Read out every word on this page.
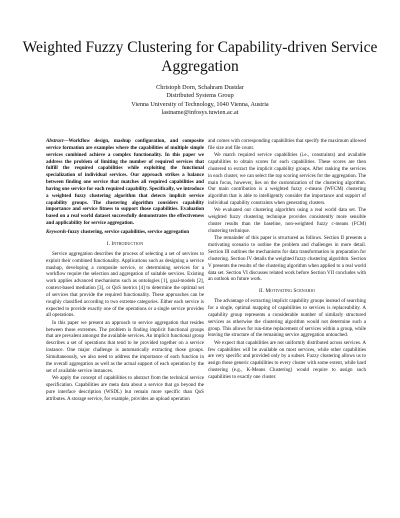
Weighted Fuzzy Clustering for Capability-driven Service Aggregation
Christoph Dorn, Schahram Dustdar
Distributed Systems Group
Vienna University of Technology, 1040 Vienna, Austria
lastname@infosys.tuwien.ac.at

Abstract—Workflow design, mashup configuration, and composite service formation are examples where the capabilities of multiple simple services combined achieve a complex functionality. In this paper we address the problem of limiting the number of required services that fulfill the required capabilities while exploiting the functional specialization of individual services. Our approach strikes a balance between finding one service that matches all required capabilities and having one service for each required capability. Specifically, we introduce a weighted fuzzy clustering algorithm that detects implicit service capability groups. The clustering algorithm considers capability importance and service fitness to support those capabilities. Evaluation based on a real world dataset successfully demonstrates the effectiveness and applicability for service aggregation.

Keywords-fuzzy clustering, service capabilities, service aggregation

I. Introduction

Service aggregation describes the process of selecting a set of services to exploit their combined functionality. Applications such as designing a service mashup, developing a composite service, or determining services for a workflow require the selection and aggregation of suitable services. Existing work applies advanced mechanisms such as ontologies [1], goal-models [2], context-based mediation [3], or QoS metrics [4] to determine the optimal set of services that provide the required functionality. These approaches can be roughly classified according to two extreme categories. Either each service is expected to provide exactly one of the operations or a single service provides all operations.

In this paper we present an approach to service aggregation that resides between those extremes. The problem is finding implicit functional groups that are prevalent amongst the available services. An implicit functional group describes a set of operations that tend to be provided together on a service instance. One major challenge is automatically extracting those groups. Simultaneously, we also need to address the importance of each function in the overall aggregation as well as the actual support of each operation by the set of available service instances.

We apply the concept of capabilities to abstract from the technical service specification. Capabilities are meta data about a service that go beyond the pure interface description (WSDL) but remain more specific than QoS attributes. A storage service, for example, provides an upload operation

and comes with corresponding capabilities that specify the maximum allowed file size and file count.

We match required service capabilities (i.e., constraints) and available capabilities to obtain scores for each capabilities. These scores are then clustered to extract the implicit capability groups. After ranking the services in each cluster, we can select the top scoring services for the aggregation. The main focus, however, lies on the customization of the clustering algorithm. Our main contribution is a weighted fuzzy c-means (WFCM) clustering algorithm that is able to intelligently consider the importance and support of individual capability constraints when generating clusters.

We evaluated our clustering algorithm using a real world data set. The weighted fuzzy clustering technique provides consistently more sensible cluster results than the baseline, non-weighted fuzzy c-means (FCM) clustering technique.

The remainder of this paper is structured as follows. Section II presents a motivating scenario to outline the problem and challenges in more detail. Section III outlines the mechanisms for data transformation in preparation for clustering. Section IV details the weighted fuzzy clustering algorithm. Section V presents the results of the clustering algorithm when applied to a real world data set. Section VI discusses related work before Section VII concludes with an outlook on future work.

II. Motivating Scenario

The advantage of extracting implicit capability groups instead of searching for a single, optimal mapping of capabilities to services is replaceability. A capability group represents a considerable number of similarly structured services as otherwise the clustering algorithm would not determine such a group. This allows for run-time replacement of services within a group, while leaving the structure of the remaining service aggregation untouched.

We expect that capabilities are not uniformly distributed across services. A few capabilities will be available on most services, while other capabilities are very specific and provided only by a subset. Fuzzy clustering allows us to assign those generic capabilities to every cluster with some extent, while hard clustering (e.g., K-Means Clustering) would require to assign such capabilities to exactly one cluster.
